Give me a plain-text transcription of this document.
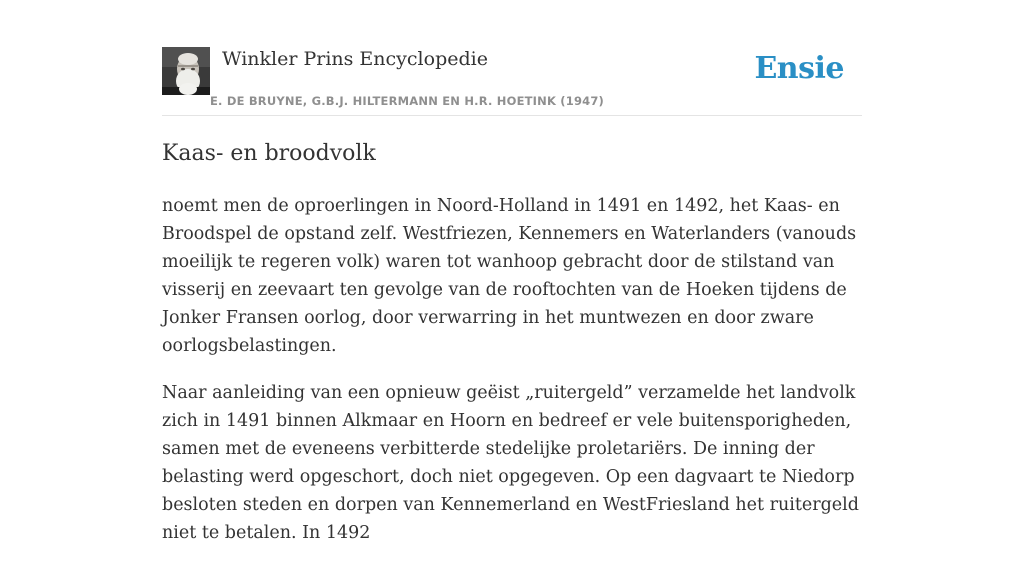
Winkler Prins Encyclopedie
E. DE BRUYNE, G.B.J. HILTERMANN EN H.R. HOETINK (1947)
Ensie
Kaas- en broodvolk

noemt men de oproerlingen in Noord-Holland in 1491 en 1492, het Kaas- en Broodspel de opstand zelf. Westfriezen, Kennemers en Waterlanders (vanouds moeilijk te regeren volk) waren tot wanhoop gebracht door de stilstand van visserij en zeevaart ten gevolge van de rooftochten van de Hoeken tijdens de Jonker Fransen oorlog, door verwarring in het muntwezen en door zware oorlogsbelastingen.

Naar aanleiding van een opnieuw geëist „ruitergeld” verzamelde het landvolk zich in 1491 binnen Alkmaar en Hoorn en bedreef er vele buitensporigheden, samen met de eveneens verbitterde stedelijke proletariërs. De inning der belasting werd opgeschort, doch niet opgegeven. Op een dagvaart te Niedorp besloten steden en dorpen van Kennemerland en WestFriesland het ruitergeld niet te betalen. In 1492
